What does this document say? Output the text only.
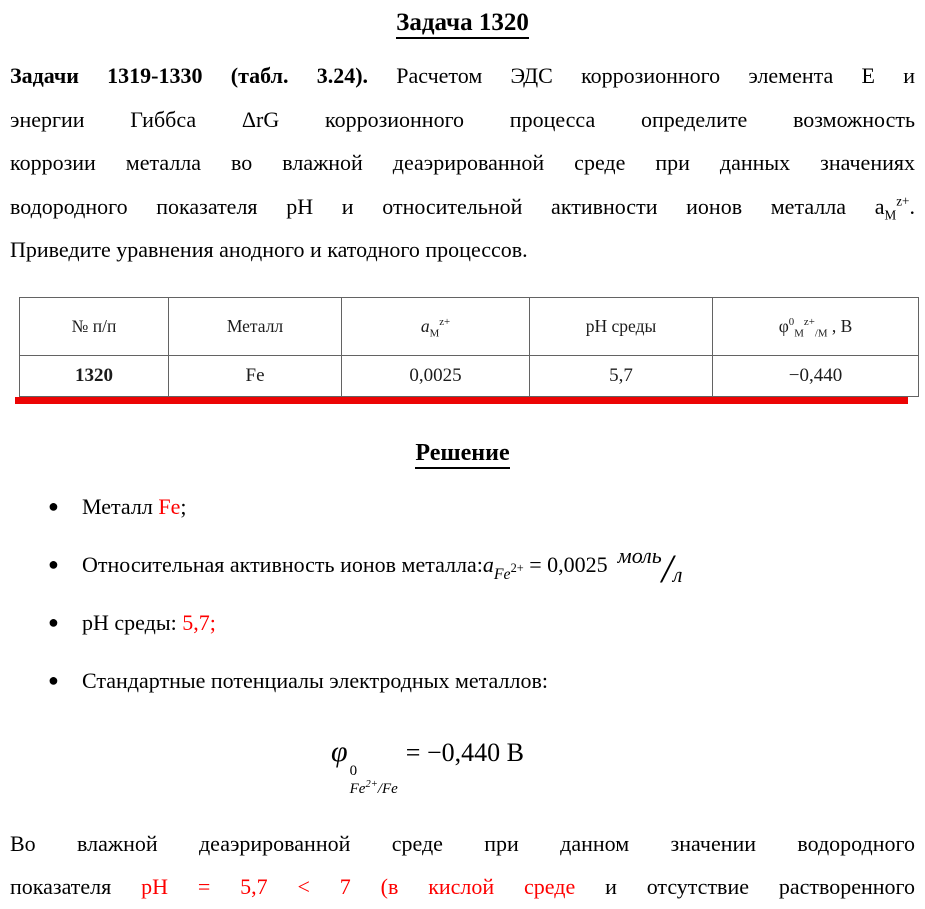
Задача 1320
Задачи 1319-1330 (табл. 3.24). Расчетом ЭДС коррозионного элемента Е и
энергии Гиббса ΔrG коррозионного процесса определите возможность
коррозии металла во влажной деаэрированной среде при данных значениях
водородного показателя pH и относительной активности ионов металла $a_M^{z+}$.
Приведите уравнения анодного и катодного процессов.
№ п/п	Металл	$a_M^{z+}$	pH среды	$\varphi^0_M^{z+}_{/M}$ , В
1320	Fe	0,0025	5,7	−0,440
Решение
● Металл Fe;
● Относительная активность ионов $металла:a_{Fe^{2+}} = 0,0025$ моль/л
● pH среды: 5,7;
● Стандартные потенциалы электродных металлов:
φ
0
$Fe^{2+}/Fe$
= −0,440 В
Во влажной деаэрированной среде при данном значении водородного
показателя pH = 5,7 < 7 (в кислой среде и отсутствие растворенного
